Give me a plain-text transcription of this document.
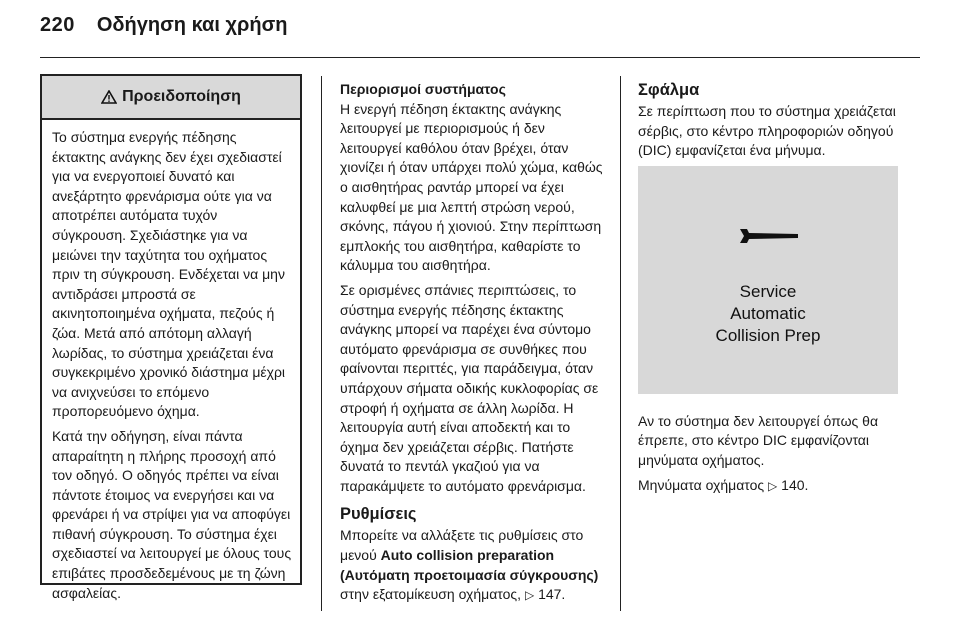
220 Οδήγηση και χρήση
Προειδοποίηση

Το σύστημα ενεργής πέδησης έκτακτης ανάγκης δεν έχει σχεδιαστεί για να ενεργοποιεί δυνατό και ανεξάρτητο φρενάρισμα ούτε για να αποτρέπει αυτόματα τυχόν σύγκρουση. Σχεδιάστηκε για να μειώνει την ταχύτητα του οχήματος πριν τη σύγκρουση. Ενδέχεται να μην αντιδράσει μπροστά σε ακινητοποιημένα οχήματα, πεζούς ή ζώα. Μετά από απότομη αλλαγή λωρίδας, το σύστημα χρειάζεται ένα συγκεκριμένο χρονικό διάστημα μέχρι να ανιχνεύσει το επόμενο προπορευόμενο όχημα.

Κατά την οδήγηση, είναι πάντα απαραίτητη η πλήρης προσοχή από τον οδηγό. Ο οδηγός πρέπει να είναι πάντοτε έτοιμος να ενεργήσει και να φρενάρει ή να στρίψει για να αποφύγει πιθανή σύγκρουση. Το σύστημα έχει σχεδιαστεί να λειτουργεί με όλους τους επιβάτες προσδεδεμένους με τη ζώνη ασφαλείας.

Περιορισμοί συστήματος

Η ενεργή πέδηση έκτακτης ανάγκης λειτουργεί με περιορισμούς ή δεν λειτουργεί καθόλου όταν βρέχει, όταν χιονίζει ή όταν υπάρχει πολύ χώμα, καθώς ο αισθητήρας ραντάρ μπορεί να έχει καλυφθεί με μια λεπτή στρώση νερού, σκόνης, πάγου ή χιονιού. Στην περίπτωση εμπλοκής του αισθητήρα, καθαρίστε το κάλυμμα του αισθητήρα.

Σε ορισμένες σπάνιες περιπτώσεις, το σύστημα ενεργής πέδησης έκτακτης ανάγκης μπορεί να παρέχει ένα σύντομο αυτόματο φρενάρισμα σε συνθήκες που φαίνονται περιττές, για παράδειγμα, όταν υπάρχουν σήματα οδικής κυκλοφορίας σε στροφή ή οχήματα σε άλλη λωρίδα. Η λειτουργία αυτή είναι αποδεκτή και το όχημα δεν χρειάζεται σέρβις. Πατήστε δυνατά το πεντάλ γκαζιού για να παρακάμψετε το αυτόματο φρενάρισμα.

Ρυθμίσεις

Μπορείτε να αλλάξετε τις ρυθμίσεις στο μενού Auto collision preparation (Αυτόματη προετοιμασία σύγκρουσης) στην εξατομίκευση οχήματος, ▷ 147.

Σφάλμα

Σε περίπτωση που το σύστημα χρειάζεται σέρβις, στο κέντρο πληροφοριών οδηγού (DIC) εμφανίζεται ένα μήνυμα.

Service
Automatic
Collision Prep

Αν το σύστημα δεν λειτουργεί όπως θα έπρεπε, στο κέντρο DIC εμφανίζονται μηνύματα οχήματος.

Μηνύματα οχήματος ▷ 140.
